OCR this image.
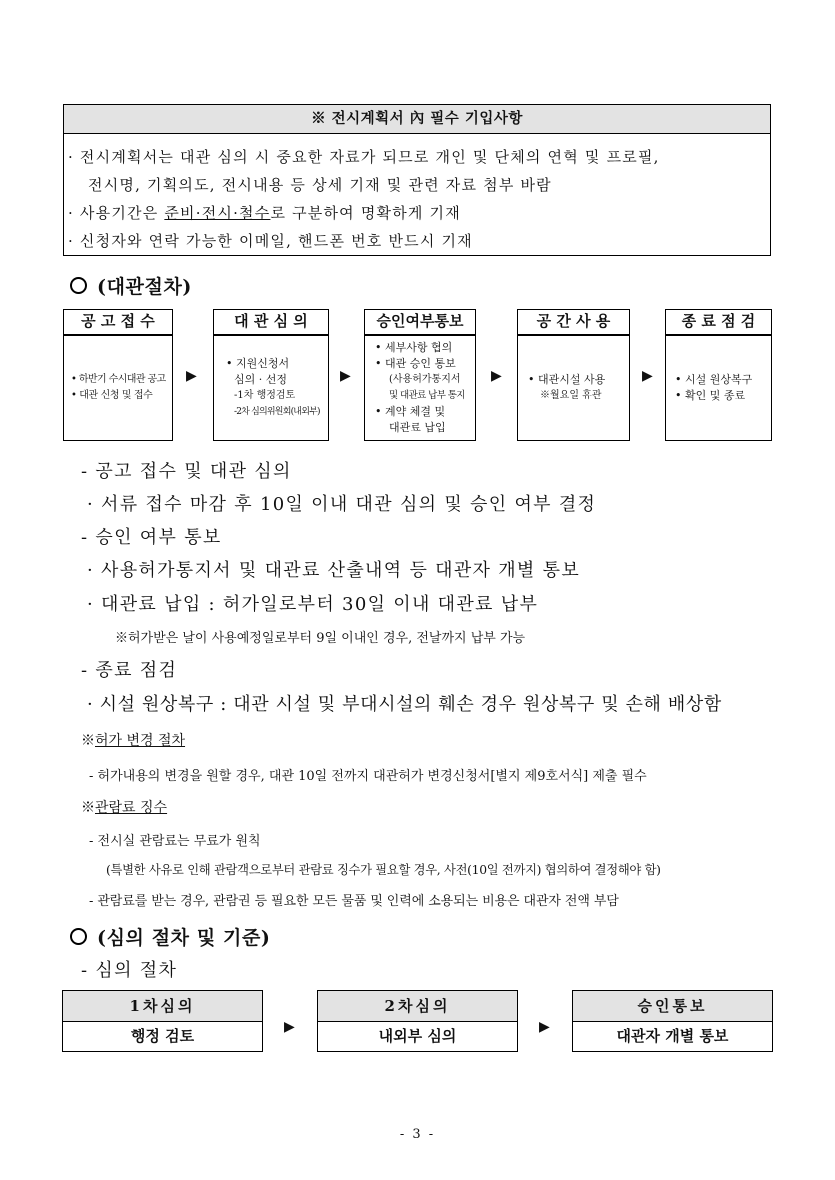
※ 전시계획서 內 필수 기입사항
· 전시계획서는 대관 심의 시 중요한 자료가 되므로 개인 및 단체의 연혁 및 프로필,
전시명, 기획의도, 전시내용 등 상세 기재 및 관련 자료 첨부 바람
· 사용기간은 준비·전시·철수로 구분하여 명확하게 기재
· 신청자와 연락 가능한 이메일, 핸드폰 번호 반드시 기재
(대관절차)
공 고 접 수
• 하반기 수시대관 공고
• 대관 신청 및 접수
▶
대 관 심 의
• 지원신청서
심의 · 선정
-1차 행정검토
-2차 심의위원회(내외부)
▶
승인여부통보
• 세부사항 협의
• 대관 승인 통보
(사용허가통지서
및 대관료 납부 통지
• 계약 체결 및
대관료 납입
▶
공 간 사 용
• 대관시설 사용
※월요일 휴관
▶
종 료 점 검
• 시설 원상복구
• 확인 및 종료
- 공고 접수 및 대관 심의
· 서류 접수 마감 후 10일 이내 대관 심의 및 승인 여부 결정
- 승인 여부 통보
· 사용허가통지서 및 대관료 산출내역 등 대관자 개별 통보
· 대관료 납입 : 허가일로부터 30일 이내 대관료 납부
※허가받은 날이 사용예정일로부터 9일 이내인 경우, 전날까지 납부 가능
- 종료 점검
· 시설 원상복구 : 대관 시설 및 부대시설의 훼손 경우 원상복구 및 손해 배상함
※허가 변경 절차
- 허가내용의 변경을 원할 경우, 대관 10일 전까지 대관허가 변경신청서[별지 제9호서식] 제출 필수
※관람료 징수
- 전시실 관람료는 무료가 원칙
(특별한 사유로 인해 관람객으로부터 관람료 징수가 필요할 경우, 사전(10일 전까지) 협의하여 결정해야 함)
- 관람료를 받는 경우, 관람권 등 필요한 모든 물품 및 인력에 소용되는 비용은 대관자 전액 부담
(심의 절차 및 기준)
- 심의 절차
1차심의
행정 검토	▶
2차심의
내외부 심의	▶
승인통보
대관자 개별 통보
- 3 -
